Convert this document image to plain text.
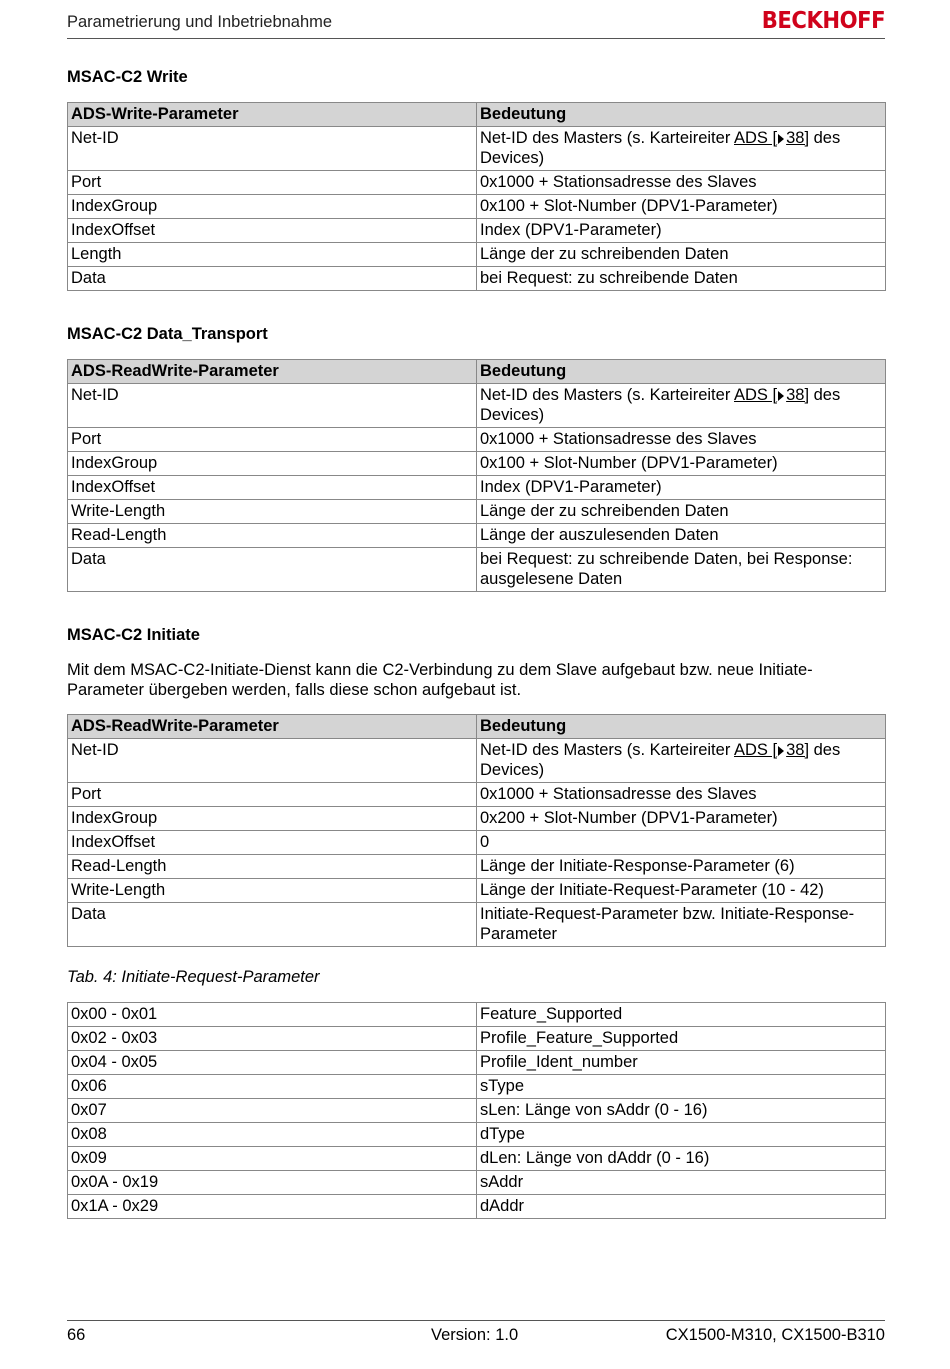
Parametrierung und Inbetriebnahme	BECKHOFF
MSAC-C2 Write
ADS-Write-Parameter	Bedeutung
Net-ID	Net-ID des Masters (s. Karteireiter ADS [ 38] des Devices)
Port	0x1000 + Stationsadresse des Slaves
IndexGroup	0x100 + Slot-Number (DPV1-Parameter)
IndexOffset	Index (DPV1-Parameter)
Length	Länge der zu schreibenden Daten
Data	bei Request: zu schreibende Daten
MSAC-C2 Data_Transport
ADS-ReadWrite-Parameter	Bedeutung
Net-ID	Net-ID des Masters (s. Karteireiter ADS [ 38] des Devices)
Port	0x1000 + Stationsadresse des Slaves
IndexGroup	0x100 + Slot-Number (DPV1-Parameter)
IndexOffset	Index (DPV1-Parameter)
Write-Length	Länge der zu schreibenden Daten
Read-Length	Länge der auszulesenden Daten
Data	bei Request: zu schreibende Daten, bei Response: ausgelesene Daten
MSAC-C2 Initiate
Mit dem MSAC-C2-Initiate-Dienst kann die C2-Verbindung zu dem Slave aufgebaut bzw. neue Initiate-Parameter übergeben werden, falls diese schon aufgebaut ist.
ADS-ReadWrite-Parameter	Bedeutung
Net-ID	Net-ID des Masters (s. Karteireiter ADS [ 38] des Devices)
Port	0x1000 + Stationsadresse des Slaves
IndexGroup	0x200 + Slot-Number (DPV1-Parameter)
IndexOffset	0
Read-Length	Länge der Initiate-Response-Parameter (6)
Write-Length	Länge der Initiate-Request-Parameter (10 - 42)
Data	Initiate-Request-Parameter bzw. Initiate-Response-Parameter
Tab. 4: Initiate-Request-Parameter
0x00 - 0x01	Feature_Supported
0x02 - 0x03	Profile_Feature_Supported
0x04 - 0x05	Profile_Ident_number
0x06	sType
0x07	sLen: Länge von sAddr (0 - 16)
0x08	dType
0x09	dLen: Länge von dAddr (0 - 16)
0x0A - 0x19	sAddr
0x1A - 0x29	dAddr
66	Version: 1.0	CX1500-M310, CX1500-B310
